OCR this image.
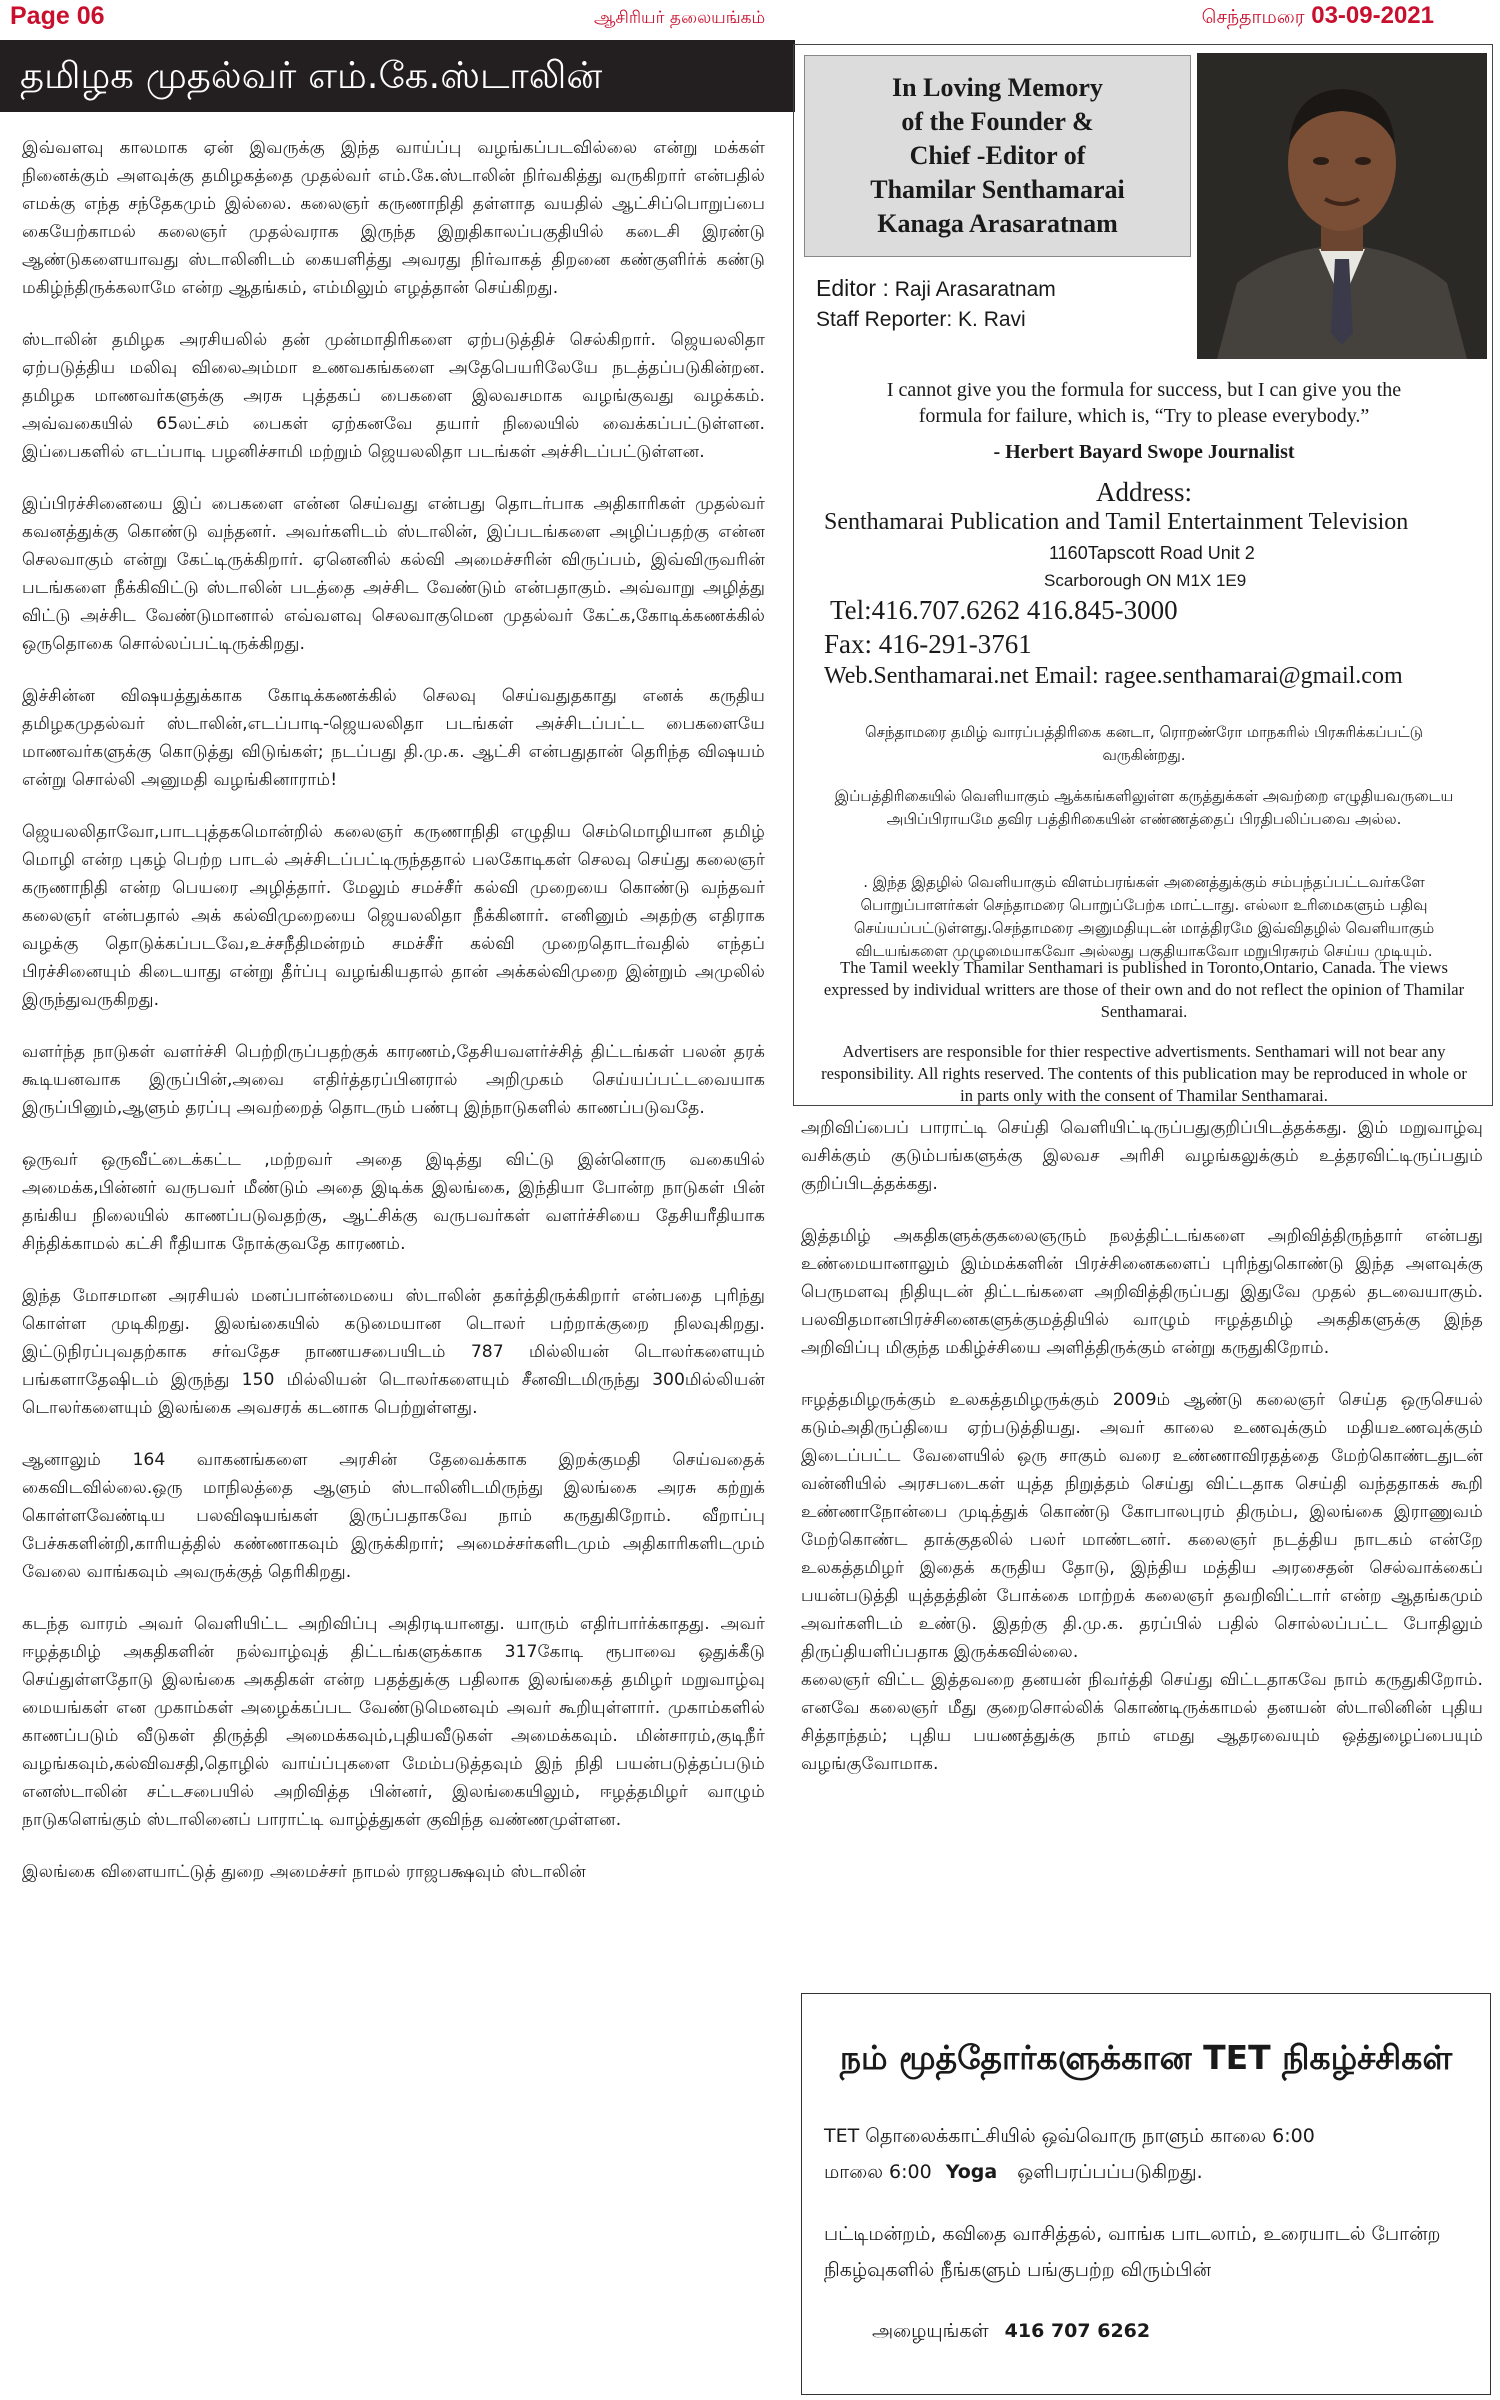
Page 06	ஆசிரியர் தலையங்கம்	செந்தாமரை 03-09-2021
தமிழக முதல்வர் எம்.கே.ஸ்டாலின்

இவ்வளவு காலமாக ஏன் இவருக்கு இந்த வாய்ப்பு வழங்கப்படவில்லை என்று மக்கள் நினைக்கும் அளவுக்கு தமிழகத்தை முதல்வர் எம்.கே.ஸ்டாலின் நிர்வகித்து வருகிறார் என்பதில் எமக்கு எந்த சந்தேகமும் இல்லை. கலைஞர் கருணாநிதி தள்ளாத வயதில் ஆட்சிப்பொறுப்பை கையேற்காமல் கலைஞர் முதல்வராக இருந்த இறுதிகாலப்பகுதியில் கடைசி இரண்டு ஆண்டுகளையாவது ஸ்டாலினிடம் கையளித்து அவரது நிர்வாகத் திறனை கண்குளிர்க் கண்டு மகிழ்ந்திருக்கலாமே என்ற ஆதங்கம், எம்மிலும் எழத்தான் செய்கிறது.

ஸ்டாலின் தமிழக அரசியலில் தன் முன்மாதிரிகளை ஏற்படுத்திச் செல்கிறார். ஜெயலலிதா ஏற்படுத்திய மலிவு விலைஅம்மா உணவகங்களை அதேபெயரிலேயே நடத்தப்படுகின்றன. தமிழக மாணவர்களுக்கு அரசு புத்தகப் பைகளை இலவசமாக வழங்குவது வழக்கம். அவ்வகையில் 65லட்சம் பைகள் ஏற்கனவே தயார் நிலையில் வைக்கப்பட்டுள்ளன. இப்பைகளில் எடப்பாடி பழனிச்சாமி மற்றும் ஜெயலலிதா படங்கள் அச்சிடப்பட்டுள்ளன.

இப்பிரச்சினையை இப் பைகளை என்ன செய்வது என்பது தொடர்பாக அதிகாரிகள் முதல்வர் கவனத்துக்கு கொண்டு வந்தனர். அவர்களிடம் ஸ்டாலின், இப்படங்களை அழிப்பதற்கு என்ன செலவாகும் என்று கேட்டிருக்கிறார். ஏனெனில் கல்வி அமைச்சரின் விருப்பம், இவ்விருவரின் படங்களை நீக்கிவிட்டு ஸ்டாலின் படத்தை அச்சிட வேண்டும் என்பதாகும். அவ்வாறு அழித்து விட்டு அச்சிட வேண்டுமானால் எவ்வளவு செலவாகுமென முதல்வர் கேட்க,கோடிக்கணக்கில் ஒருதொகை சொல்லப்பட்டிருக்கிறது.

இச்சின்ன விஷயத்துக்காக கோடிக்கணக்கில் செலவு செய்வதுதகாது எனக் கருதிய தமிழகமுதல்வர் ஸ்டாலின்,எடப்பாடி-ஜெயலலிதா படங்கள் அச்சிடப்பட்ட பைகளையே மாணவர்களுக்கு கொடுத்து விடுங்கள்; நடப்பது தி.மு.க. ஆட்சி என்பதுதான் தெரிந்த விஷயம் என்று சொல்லி அனுமதி வழங்கினாராம்!

ஜெயலலிதாவோ,பாடபுத்தகமொன்றில் கலைஞர் கருணாநிதி எழுதிய செம்மொழியான தமிழ் மொழி என்ற புகழ் பெற்ற பாடல் அச்சிடப்பட்டிருந்ததால் பலகோடிகள் செலவு செய்து கலைஞர் கருணாநிதி என்ற பெயரை அழித்தார். மேலும் சமச்சீர் கல்வி முறையை கொண்டு வந்தவர் கலைஞர் என்பதால் அக் கல்விமுறையை ஜெயலலிதா நீக்கினார். எனினும் அதற்கு எதிராக வழக்கு தொடுக்கப்படவே,உச்சநீதிமன்றம் சமச்சீர் கல்வி முறைதொடர்வதில் எந்தப் பிரச்சினையும் கிடையாது என்று தீர்ப்பு வழங்கியதால் தான் அக்கல்விமுறை இன்றும் அமுலில் இருந்துவருகிறது.

வளர்ந்த நாடுகள் வளர்ச்சி பெற்றிருப்பதற்குக் காரணம்,தேசியவளர்ச்சித் திட்டங்கள் பலன் தரக் கூடியனவாக இருப்பின்,அவை எதிர்த்தரப்பினரால் அறிமுகம் செய்யப்பட்டவையாக இருப்பினும்,ஆளும் தரப்பு அவற்றைத் தொடரும் பண்பு இந்நாடுகளில் காணப்படுவதே.

ஒருவர் ஒருவீட்டைக்கட்ட ,மற்றவர் அதை இடித்து விட்டு இன்னொரு வகையில் அமைக்க,பின்னர் வருபவர் மீண்டும் அதை இடிக்க இலங்கை, இந்தியா போன்ற நாடுகள் பின் தங்கிய நிலையில் காணப்படுவதற்கு, ஆட்சிக்கு வருபவர்கள் வளர்ச்சியை தேசியரீதியாக சிந்திக்காமல் கட்சி ரீதியாக நோக்குவதே காரணம்.

இந்த மோசமான அரசியல் மனப்பான்மையை ஸ்டாலின் தகர்த்திருக்கிறார் என்பதை புரிந்து கொள்ள முடிகிறது. இலங்கையில் கடுமையான டொலர் பற்றாக்குறை நிலவுகிறது. இட்டுநிரப்புவதற்காக சர்வதேச நாணயசபையிடம் 787 மில்லியன் டொலர்களையும் பங்களாதேஷிடம் இருந்து 150 மில்லியன் டொலர்களையும் சீனவிடமிருந்து 300மில்லியன் டொலர்களையும் இலங்கை அவசரக் கடனாக பெற்றுள்ளது.

ஆனாலும் 164 வாகனங்களை அரசின் தேவைக்காக இறக்குமதி செய்வதைக் கைவிடவில்லை.ஒரு மாநிலத்தை ஆளும் ஸ்டாலினிடமிருந்து இலங்கை அரசு கற்றுக் கொள்ளவேண்டிய பலவிஷயங்கள் இருப்பதாகவே நாம் கருதுகிறோம். வீறாப்பு பேச்சுகளின்றி,காரியத்தில் கண்ணாகவும் இருக்கிறார்; அமைச்சர்களிடமும் அதிகாரிகளிடமும் வேலை வாங்கவும் அவருக்குத் தெரிகிறது.

கடந்த வாரம் அவர் வெளியிட்ட அறிவிப்பு அதிரடியானது. யாரும் எதிர்பார்க்காதது. அவர் ஈழத்தமிழ் அகதிகளின் நல்வாழ்வுத் திட்டங்களுக்காக 317கோடி ரூபாவை ஒதுக்கீடு செய்துள்ளதோடு இலங்கை அகதிகள் என்ற பதத்துக்கு பதிலாக இலங்கைத் தமிழர் மறுவாழ்வு மையங்கள் என முகாம்கள் அழைக்கப்பட வேண்டுமெனவும் அவர் கூறியுள்ளார். முகாம்களில் காணப்படும் வீடுகள் திருத்தி அமைக்கவும்,புதியவீடுகள் அமைக்கவும். மின்சாரம்,குடிநீர் வழங்கவும்,கல்விவசதி,தொழில் வாய்ப்புகளை மேம்படுத்தவும் இந் நிதி பயன்படுத்தப்படும் எனஸ்டாலின் சட்டசபையில் அறிவித்த பின்னர், இலங்கையிலும், ஈழத்தமிழர் வாழும் நாடுகளெங்கும் ஸ்டாலினைப் பாராட்டி வாழ்த்துகள் குவிந்த வண்ணமுள்ளன.

இலங்கை விளையாட்டுத் துறை அமைச்சர் நாமல் ராஜபக்ஷவும் ஸ்டாலின்

In Loving Memory
of the Founder &
Chief -Editor of
Thamilar Senthamarai
Kanaga Arasaratnam
Editor : Raji Arasaratnam
Staff Reporter: K. Ravi
I cannot give you the formula for success, but I can give you the
formula for failure, which is, “Try to please everybody.”
- Herbert Bayard Swope Journalist
Address:
Senthamarai Publication and Tamil Entertainment Television
1160Tapscott Road Unit 2
Scarborough ON M1X 1E9
Tel:416.707.6262 416.845-3000
Fax: 416-291-3761
Web.Senthamarai.net Email: ragee.senthamarai@gmail.com
செந்தாமரை தமிழ் வாரப்பத்திரிகை கனடா, ரொறண்ரோ மாநகரில் பிரசுரிக்கப்பட்டு வருகின்றது.
இப்பத்திரிகையில் வெளியாகும் ஆக்கங்களிலுள்ள கருத்துக்கள் அவற்றை எழுதியவருடைய அபிப்பிராயமே தவிர பத்திரிகையின் எண்ணத்தைப் பிரதிபலிப்பவை அல்ல.
. இந்த இதழில் வெளியாகும் விளம்பரங்கள் அனைத்துக்கும் சம்பந்தப்பட்டவர்களே பொறுப்பாளர்கள் செந்தாமரை பொறுப்பேற்க மாட்டாது. எல்லா உரிமைகளும் பதிவு செய்யப்பட்டுள்ளது.செந்தாமரை அனுமதியுடன் மாத்திரமே இவ்விதழில் வெளியாகும் விடயங்களை முழுமையாகவோ அல்லது பகுதியாகவோ மறுபிரசுரம் செய்ய முடியும்.
The Tamil weekly Thamilar Senthamari is published in Toronto,Ontario, Canada. The views expressed by individual writters are those of their own and do not reflect the opinion of Thamilar Senthamarai.
Advertisers are responsible for thier respective advertisments. Senthamari will not bear any responsibility. All rights reserved. The contents of this publication may be reproduced in whole or in parts only with the consent of Thamilar Senthamarai.

அறிவிப்பைப் பாராட்டி செய்தி வெளியிட்டிருப்பதுகுறிப்பிடத்தக்கது. இம் மறுவாழ்வு வசிக்கும் குடும்பங்களுக்கு இலவச அரிசி வழங்கலுக்கும் உத்தரவிட்டிருப்பதும் குறிப்பிடத்தக்கது.

இத்தமிழ் அகதிகளுக்குகலைஞரும் நலத்திட்டங்களை அறிவித்திருந்தார் என்பது உண்மையானாலும் இம்மக்களின் பிரச்சினைகளைப் புரிந்துகொண்டு இந்த அளவுக்கு பெருமளவு நிதியுடன் திட்டங்களை அறிவித்திருப்பது இதுவே முதல் தடவையாகும். பலவிதமானபிரச்சினைகளுக்குமத்தியில் வாழும் ஈழத்தமிழ் அகதிகளுக்கு இந்த அறிவிப்பு மிகுந்த மகிழ்ச்சியை அளித்திருக்கும் என்று கருதுகிறோம்.

ஈழத்தமிழருக்கும் உலகத்தமிழருக்கும் 2009ம் ஆண்டு கலைஞர் செய்த ஒருசெயல் கடும்அதிருப்தியை ஏற்படுத்தியது. அவர் காலை உணவுக்கும் மதியஉணவுக்கும் இடைப்பட்ட வேளையில் ஒரு சாகும் வரை உண்ணாவிரதத்தை மேற்கொண்டதுடன் வன்னியில் அரசபடைகள் யுத்த நிறுத்தம் செய்து விட்டதாக செய்தி வந்ததாகக் கூறி உண்ணாநோன்பை முடித்துக் கொண்டு கோபாலபுரம் திரும்ப, இலங்கை இராணுவம் மேற்கொண்ட தாக்குதலில் பலர் மாண்டனர். கலைஞர் நடத்திய நாடகம் என்றே உலகத்தமிழர் இதைக் கருதிய தோடு, இந்திய மத்திய அரசைதன் செல்வாக்கைப் பயன்படுத்தி யுத்தத்தின் போக்கை மாற்றக் கலைஞர் தவறிவிட்டார் என்ற ஆதங்கமும் அவர்களிடம் உண்டு. இதற்கு தி.மு.க. தரப்பில் பதில் சொல்லப்பட்ட போதிலும் திருப்தியளிப்பதாக இருக்கவில்லை.

கலைஞர் விட்ட இத்தவறை தனயன் நிவர்த்தி செய்து விட்டதாகவே நாம் கருதுகிறோம். எனவே கலைஞர் மீது குறைசொல்லிக் கொண்டிருக்காமல் தனயன் ஸ்டாலினின் புதிய சித்தாந்தம்; புதிய பயணத்துக்கு நாம் எமது ஆதரவையும் ஒத்துழைப்பையும் வழங்குவோமாக.

நம் மூத்தோர்களுக்கான TET நிகழ்ச்சிகள்
TET தொலைக்காட்சியில் ஒவ்வொரு நாளும் காலை 6:00
மாலை 6:00 Yoga ஒளிபரப்பப்படுகிறது.
பட்டிமன்றம், கவிதை வாசித்தல், வாங்க பாடலாம், உரையாடல் போன்ற நிகழ்வுகளில் நீங்களும் பங்குபற்ற விரும்பின்
அழையுங்கள் 416 707 6262
